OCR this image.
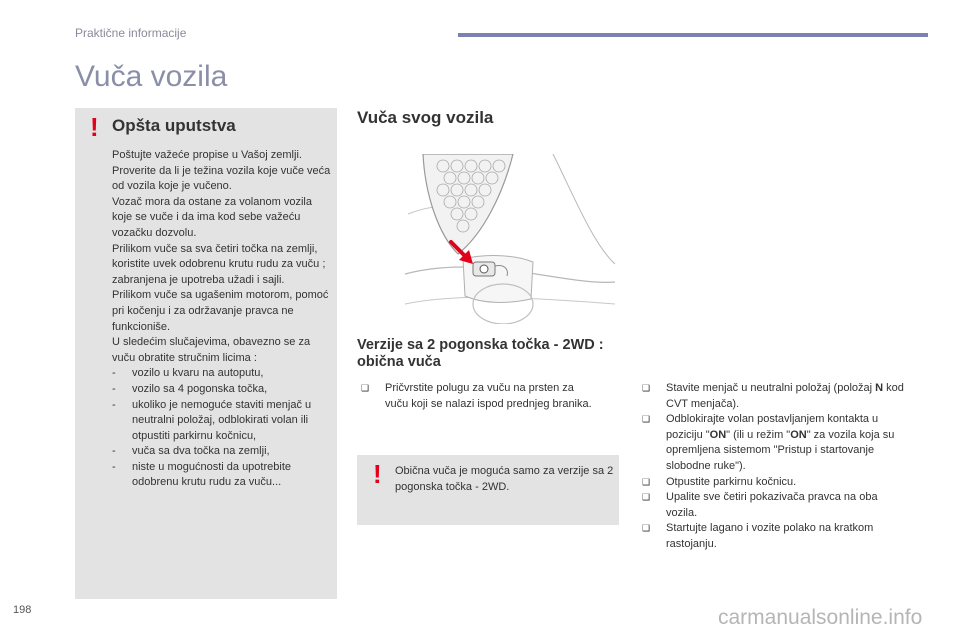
Praktične informacije
Vuča vozila
! Opšta uputstva

Poštujte važeće propise u Vašoj zemlji.

Proverite da li je težina vozila koje vuče veća od vozila koje je vučeno.

Vozač mora da ostane za volanom vozila koje se vuče i da ima kod sebe važeću vozačku dozvolu.

Prilikom vuče sa sva četiri točka na zemlji, koristite uvek odobrenu krutu rudu za vuču ; zabranjena je upotreba užadi i sajli.

Prilikom vuče sa ugašenim motorom, pomoć pri kočenju i za održavanje pravca ne funkcioniše.

U sledećim slučajevima, obavezno se za vuču obratite stručnim licima :

- vozilo u kvaru na autoputu,
- vozilo sa 4 pogonska točka,
- ukoliko je nemoguće staviti menjač u neutralni položaj, odblokirati volan ili otpustiti parkirnu kočnicu,
- vuča sa dva točka na zemlji,
- niste u mogućnosti da upotrebite odobrenu krutu rudu za vuču...
Vuča svog vozila
Verzije sa 2 pogonska točka - 2WD : obična vuča
❑ Pričvrstite polugu za vuču na prsten za vuču koji se nalazi ispod prednjeg branika.
! Obična vuča je moguća samo za verzije sa 2 pogonska točka - 2WD.
❑ Stavite menjač u neutralni položaj (položaj N kod CVT menjača).
❑ Odblokirajte volan postavljanjem kontakta u poziciju "ON" (ili u režim "ON" za vozila koja su opremljena sistemom "Pristup i startovanje slobodne ruke").
❑ Otpustite parkirnu kočnicu.
❑ Upalite sve četiri pokazivača pravca na oba vozila.
❑ Startujte lagano i vozite polako na kratkom rastojanju.
198	carmanualsonline.info
